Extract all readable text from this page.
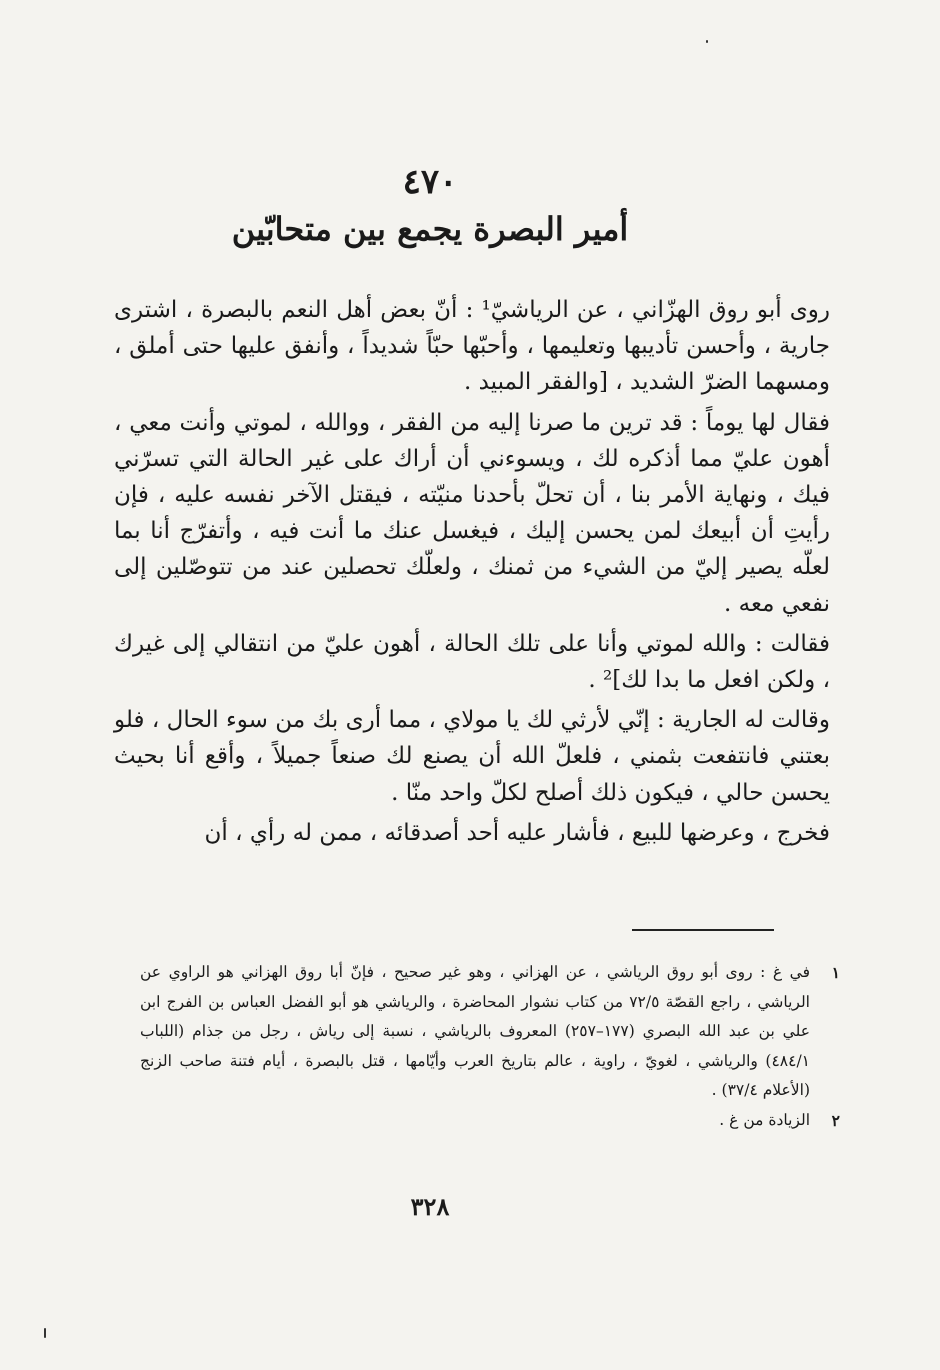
٤٧٠
أمير البصرة يجمع بين متحابّين

روى أبو روق الهزّاني ، عن الرياشيّ¹ : أنّ بعض أهل النعم بالبصرة ، اشترى جارية ، وأحسن تأديبها وتعليمها ، وأحبّها حبّاً شديداً ، وأنفق عليها حتى أملق ، ومسهما الضرّ الشديد ، [والفقر المبيد .

فقال لها يوماً : قد ترين ما صرنا إليه من الفقر ، ووالله ، لموتي وأنت معي ، أهون عليّ مما أذكره لك ، ويسوءني أن أراك على غير الحالة التي تسرّني فيك ، ونهاية الأمر بنا ، أن تحلّ بأحدنا منيّته ، فيقتل الآخر نفسه عليه ، فإن رأيتِ أن أبيعك لمن يحسن إليك ، فيغسل عنك ما أنت فيه ، وأتفرّج أنا بما لعلّه يصير إليّ من الشيء من ثمنك ، ولعلّك تحصلين عند من تتوصّلين إلى نفعي معه .

فقالت : والله لموتي وأنا على تلك الحالة ، أهون عليّ من انتقالي إلى غيرك ، ولكن افعل ما بدا لك]² .

وقالت له الجارية : إنّي لأرثي لك يا مولاي ، مما أرى بك من سوء الحال ، فلو بعتني فانتفعت بثمني ، فلعلّ الله أن يصنع لك صنعاً جميلاً ، وأقع أنا بحيث يحسن حالي ، فيكون ذلك أصلح لكلّ واحد منّا .

فخرج ، وعرضها للبيع ، فأشار عليه أحد أصدقائه ، ممن له رأي ، أن

١
في غ : روى أبو روق الرياشي ، عن الهزاني ، وهو غير صحيح ، فإنّ أبا روق الهزاني هو الراوي عن الرياشي ، راجع القصّة ٧٢/٥ من كتاب نشوار المحاضرة ، والرياشي هو أبو الفضل العباس بن الفرج ابن علي بن عبد الله البصري (١٧٧–٢٥٧) المعروف بالرياشي ، نسبة إلى رياش ، رجل من جذام (اللباب ٤٨٤/١) والرياشي ، لغويّ ، راوية ، عالم بتاريخ العرب وأيّامها ، قتل بالبصرة ، أيام فتنة صاحب الزنج (الأعلام ٣٧/٤) .
٢
الزيادة من غ .
٣٢٨
